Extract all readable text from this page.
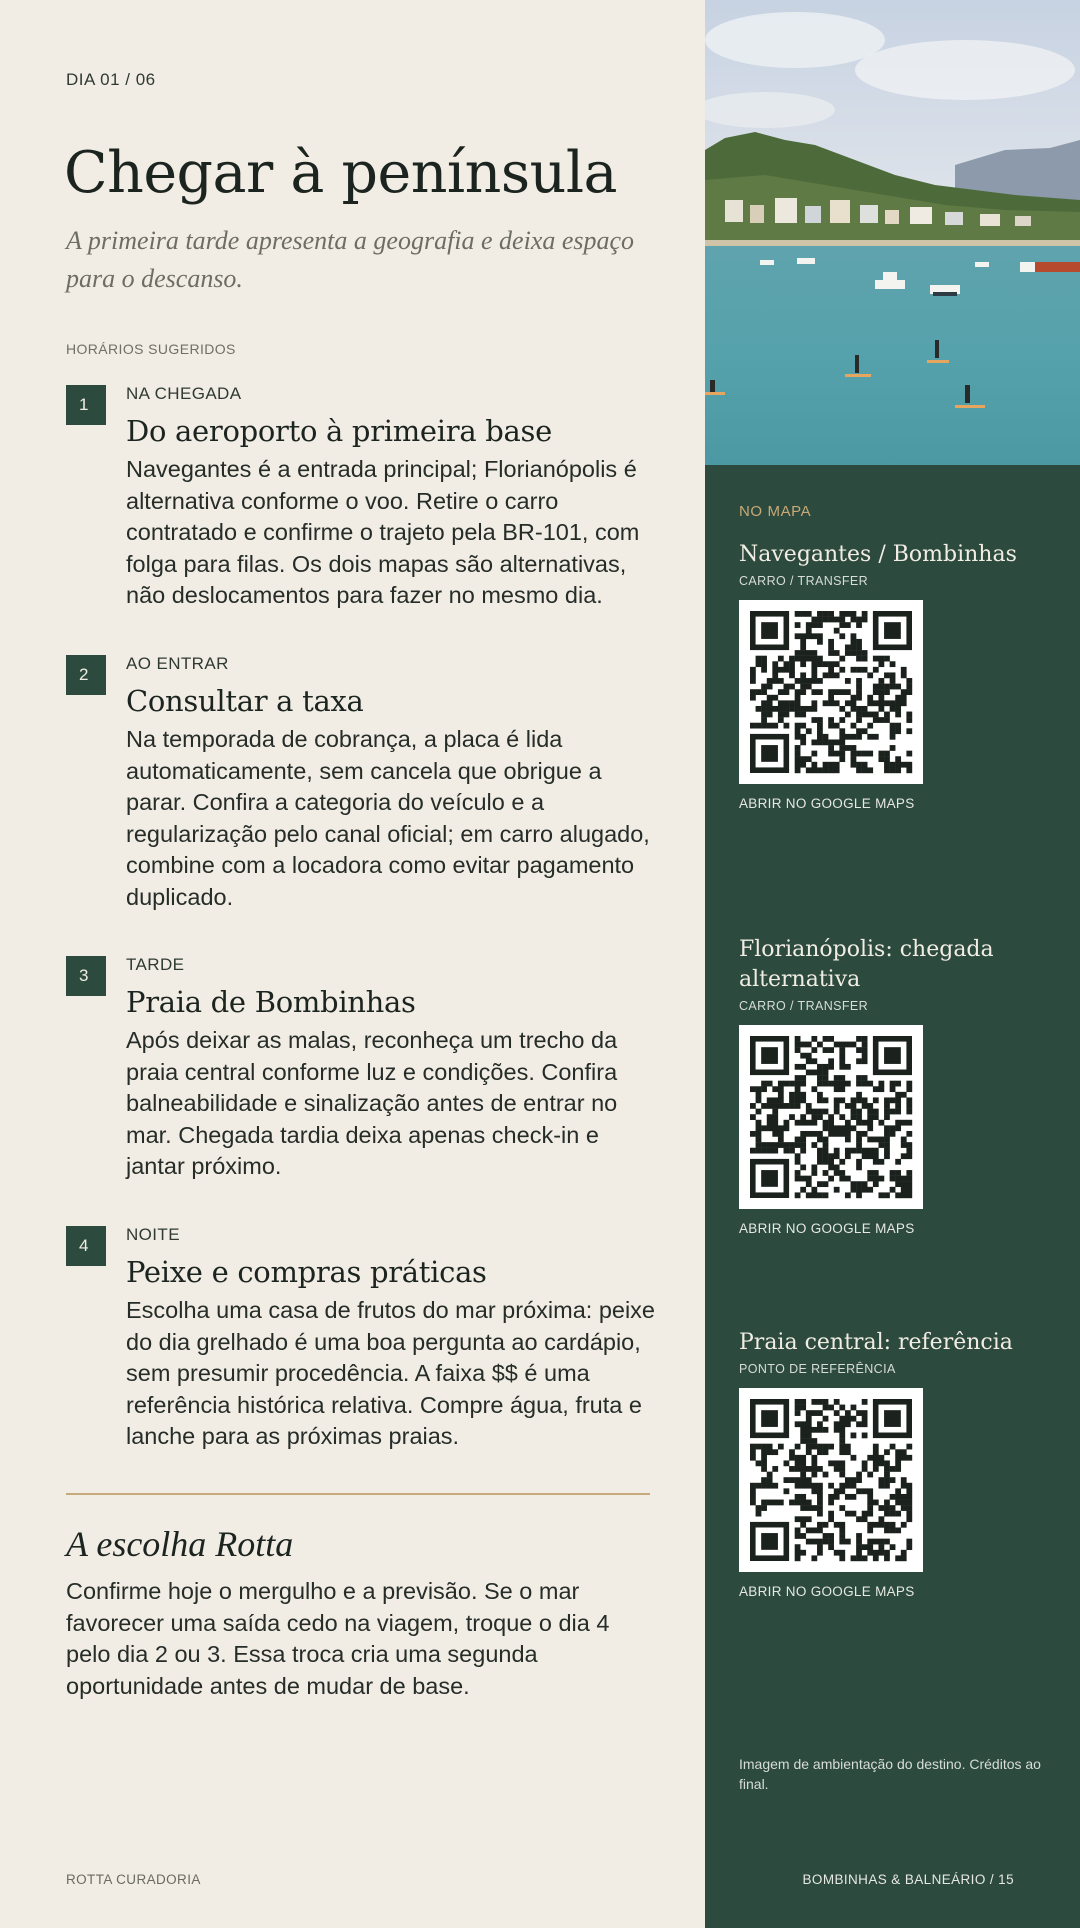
DIA 01 / 06
Chegar à península

A primeira tarde apresenta a geografia e deixa espaço para o descanso.

HORÁRIOS SUGERIDOS
1
NA CHEGADA
Do aeroporto à primeira base

Navegantes é a entrada principal; Florianópolis é alternativa conforme o voo. Retire o carro contratado e confirme o trajeto pela BR-101, com folga para filas. Os dois mapas são alternativas, não deslocamentos para fazer no mesmo dia.

2
AO ENTRAR
Consultar a taxa

Na temporada de cobrança, a placa é lida automaticamente, sem cancela que obrigue a parar. Confira a categoria do veículo e a regularização pelo canal oficial; em carro alugado, combine com a locadora como evitar pagamento duplicado.

3
TARDE
Praia de Bombinhas

Após deixar as malas, reconheça um trecho da praia central conforme luz e condições. Confira balneabilidade e sinalização antes de entrar no mar. Chegada tardia deixa apenas check-in e jantar próximo.

4
NOITE
Peixe e compras práticas

Escolha uma casa de frutos do mar próxima: peixe do dia grelhado é uma boa pergunta ao cardápio, sem presumir procedência. A faixa $$ é uma referência histórica relativa. Compre água, fruta e lanche para as próximas praias.

A escolha Rotta

Confirme hoje o mergulho e a previsão. Se o mar favorecer uma saída cedo na viagem, troque o dia 4 pelo dia 2 ou 3. Essa troca cria uma segunda oportunidade antes de mudar de base.

ROTTA CURADORIA
NO MAPA
Navegantes / Bombinhas
CARRO / TRANSFER
ABRIR NO GOOGLE MAPS
Florianópolis: chegada alternativa
CARRO / TRANSFER
ABRIR NO GOOGLE MAPS
Praia central: referência
PONTO DE REFERÊNCIA
ABRIR NO GOOGLE MAPS
Imagem de ambientação do destino. Créditos ao final.
BOMBINHAS & BALNEÁRIO / 15
